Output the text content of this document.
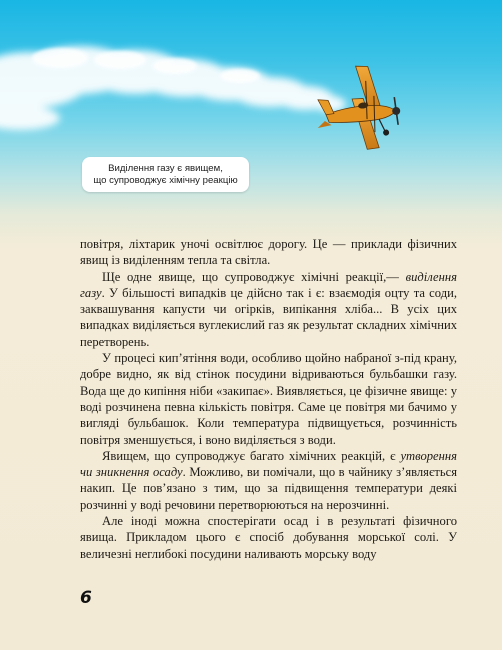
Виділення газу є явищем,
що супроводжує хімічну реакцію

повітря, ліхтарик уночі освітлює дорогу. Це — приклади фізичних явищ із виділенням тепла та світла.

Ще одне явище, що супроводжує хімічні реакції,— виділення газу. У більшості випадків це дійсно так і є: взаємодія оцту та соди, заквашування капусти чи огірків, випікання хліба... В усіх цих випадках виділяється вуглекислий газ як результат складних хімічних перетворень.

У процесі кип’ятіння води, особливо щойно набраної з-під крану, добре видно, як від стінок посудини відриваються бульбашки газу. Вода ще до кипіння ніби «закипає». Виявляється, це фізичне явище: у воді розчинена певна кількість повітря. Саме це повітря ми бачимо у вигляді бульбашок. Коли температура підвищується, розчинність повітря зменшується, і воно виділяється з води.

Явищем, що супроводжує багато хімічних реакцій, є утворення чи зникнення осаду. Можливо, ви помічали, що в чайнику з’являється накип. Це пов’язано з тим, що за підвищення температури деякі розчинні у воді речовини перетворюються на нерозчинні.

Але іноді можна спостерігати осад і в результаті фізичного явища. Прикладом цього є спосіб добування морської солі. У величезні неглибокі посудини наливають морську воду

6
